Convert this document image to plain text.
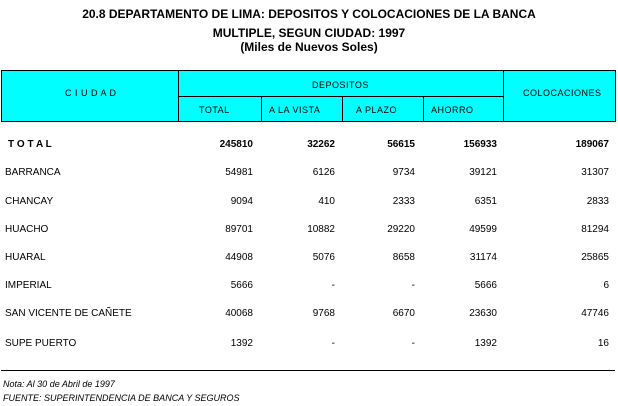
20.8 DEPARTAMENTO DE LIMA: DEPOSITOS Y COLOCACIONES DE LA BANCA
MULTIPLE, SEGUN CIUDAD: 1997
(Miles de Nuevos Soles)
C I U D A D
DEPOSITOS
COLOCACIONES
TOTAL	A LA VISTA	A PLAZO	AHORRO
T O T A L	245810	32262	56615	156933	189067
BARRANCA	54981	6126	9734	39121	31307
CHANCAY	9094	410	2333	6351	2833
HUACHO	89701	10882	29220	49599	81294
HUARAL	44908	5076	8658	31174	25865
IMPERIAL	5666	-	-	5666	6
SAN VICENTE DE CAÑETE	40068	9768	6670	23630	47746
SUPE PUERTO	1392	-	-	1392	16
Nota: Al 30 de Abril de 1997
FUENTE: SUPERINTENDENCIA DE BANCA Y SEGUROS
